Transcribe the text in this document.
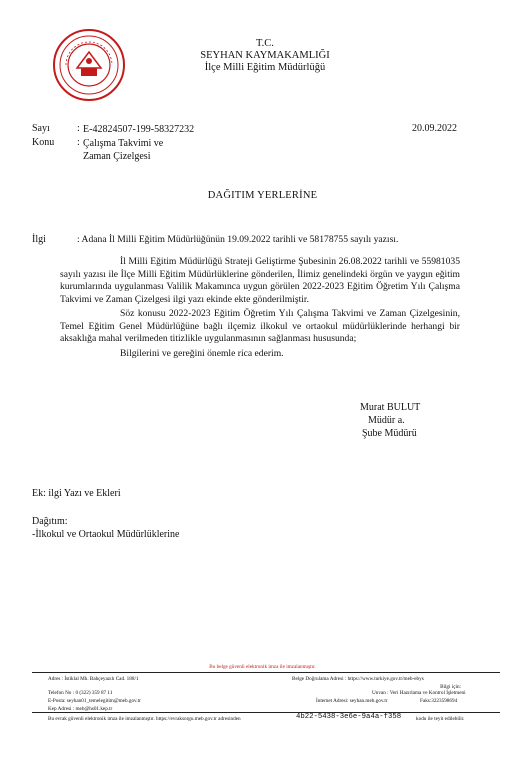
T.C.
SEYHAN KAYMAKAMLIĞI
İlçe Milli Eğitim Müdürlüğü
Sayı	: E-42824507-199-58327232	20.09.2022
Konu : Çalışma Takvimi ve
Zaman Çizelgesi
DAĞITIM YERLERİNE
İlgi	: Adana İl Milli Eğitim Müdürlüğünün 19.09.2022 tarihli ve 58178755 sayılı yazısı.
İl Milli Eğitim Müdürlüğü Strateji Geliştirme Şubesinin 26.08.2022 tarihli ve 55981035 sayılı yazısı ile İlçe Milli Eğitim Müdürlüklerine gönderilen, İlimiz genelindeki örgün ve yaygın eğitim kurumlarında uygulanması Valilik Makamınca uygun görülen 2022-2023 Eğitim Öğretim Yılı Çalışma Takvimi ve Zaman Çizelgesi ilgi yazı ekinde ekte gönderilmiştir.
Söz konusu 2022-2023 Eğitim Öğretim Yılı Çalışma Takvimi ve Zaman Çizelgesinin, Temel Eğitim Genel Müdürlüğüne bağlı ilçemiz ilkokul ve ortaokul müdürlüklerinde herhangi bir aksaklığa mahal verilmeden titizlikle uygulanmasının sağlanması hususunda;
Bilgilerini ve gereğini önemle rica ederim.
Murat BULUT
Müdür a.
Şube Müdürü
Ek: ilgi Yazı ve Ekleri
Dağıtım:
-İlkokul ve Ortaokul Müdürlüklerine
Bu belge güvenli elektronik imza ile imzalanmıştır.
Adres : İstiklal Mh. Bahçeyazılı Cad. 188/1
Telefon No : 0 (322) 359 87 11
E-Posta: seyhan01_temelegitim@meb.gov.tr
Kep Adresi : meb@hs01.kep.tr
Belge Doğrulama Adresi : https://www.turkiye.gov.tr/meb-ebys
Bilgi için:
Unvan : Veri Hazırlama ve Kontrol İşletmeni
İnternet Adresi: seyhan.meb.gov.tr	Faks:3223598694
Bu evrak güvenli elektronik imza ile imzalanmıştır. https://evraksorgu.meb.gov.tr adresinden	4b22-5438-3e6e-9a4a-f358	kodu ile teyit edilebilir.
